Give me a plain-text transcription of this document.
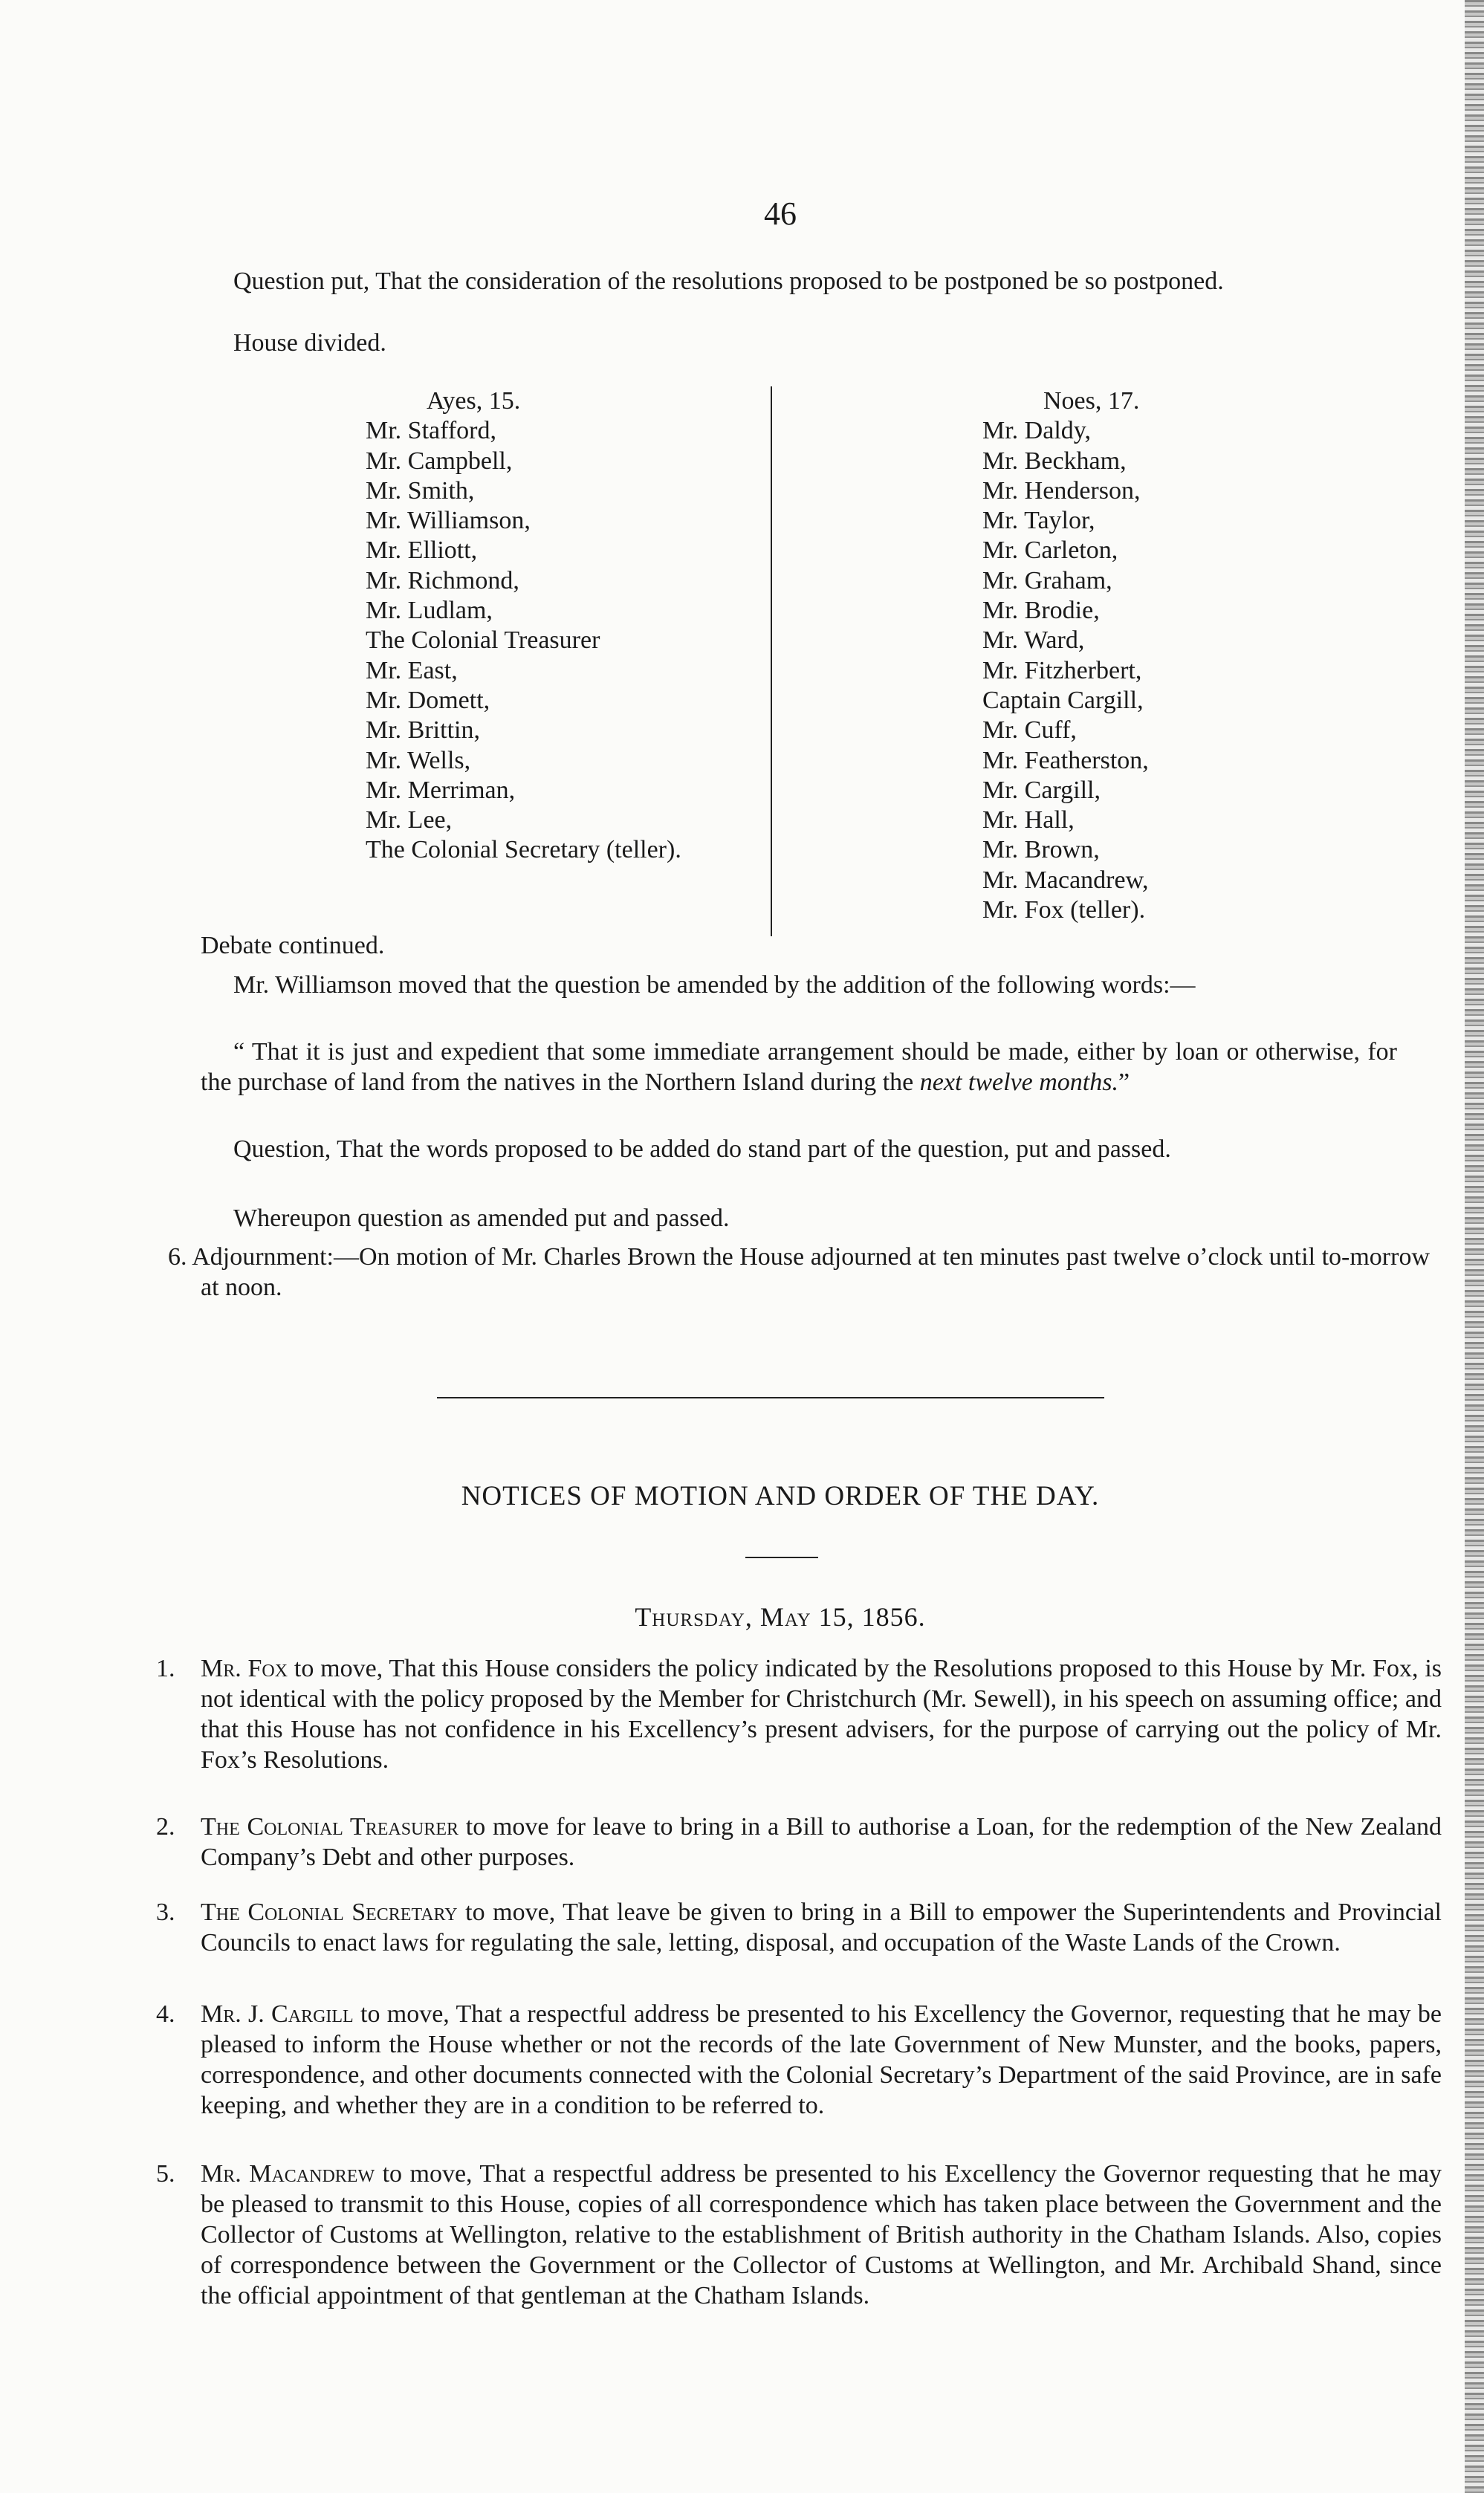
46

Question put, That the consideration of the resolutions proposed to be postponed be so postponed.

House divided.

Ayes, 15.
Mr. Stafford,
Mr. Campbell,
Mr. Smith,
Mr. Williamson,
Mr. Elliott,
Mr. Richmond,
Mr. Ludlam,
The Colonial Treasurer
Mr. East,
Mr. Domett,
Mr. Brittin,
Mr. Wells,
Mr. Merriman,
Mr. Lee,
The Colonial Secretary (teller).
Noes, 17.
Mr. Daldy,
Mr. Beckham,
Mr. Henderson,
Mr. Taylor,
Mr. Carleton,
Mr. Graham,
Mr. Brodie,
Mr. Ward,
Mr. Fitzherbert,
Captain Cargill,
Mr. Cuff,
Mr. Featherston,
Mr. Cargill,
Mr. Hall,
Mr. Brown,
Mr. Macandrew,
Mr. Fox (teller).

Debate continued.

Mr. Williamson moved that the question be amended by the addition of the following words:—

“ That it is just and expedient that some immediate arrangement should be made, either by loan or otherwise, for the purchase of land from the natives in the Northern Island during the next twelve months.”

Question, That the words proposed to be added do stand part of the question, put and passed.

Whereupon question as amended put and passed.

6. Adjournment:—On motion of Mr. Charles Brown the House adjourned at ten minutes past twelve o’clock until to-morrow at noon.

NOTICES OF MOTION AND ORDER OF THE DAY.
Thursday, May 15, 1856.

1. Mr. Fox to move, That this House considers the policy indicated by the Resolutions proposed to this House by Mr. Fox, is not identical with the policy proposed by the Member for Christchurch (Mr. Sewell), in his speech on assuming office; and that this House has not confidence in his Excellency’s present advisers, for the purpose of carrying out the policy of Mr. Fox’s Resolutions.

2. The Colonial Treasurer to move for leave to bring in a Bill to authorise a Loan, for the redemption of the New Zealand Company’s Debt and other purposes.

3. The Colonial Secretary to move, That leave be given to bring in a Bill to empower the Superintendents and Provincial Councils to enact laws for regulating the sale, letting, disposal, and occupation of the Waste Lands of the Crown.

4. Mr. J. Cargill to move, That a respectful address be presented to his Excellency the Governor, requesting that he may be pleased to inform the House whether or not the records of the late Government of New Munster, and the books, papers, correspondence, and other documents connected with the Colonial Secretary’s Department of the said Province, are in safe keeping, and whether they are in a condition to be referred to.

5. Mr. Macandrew to move, That a respectful address be presented to his Excellency the Governor requesting that he may be pleased to transmit to this House, copies of all correspondence which has taken place between the Government and the Collector of Customs at Wellington, relative to the establishment of British authority in the Chatham Islands. Also, copies of correspondence between the Government or the Collector of Customs at Wellington, and Mr. Archibald Shand, since the official appointment of that gentleman at the Chatham Islands.
